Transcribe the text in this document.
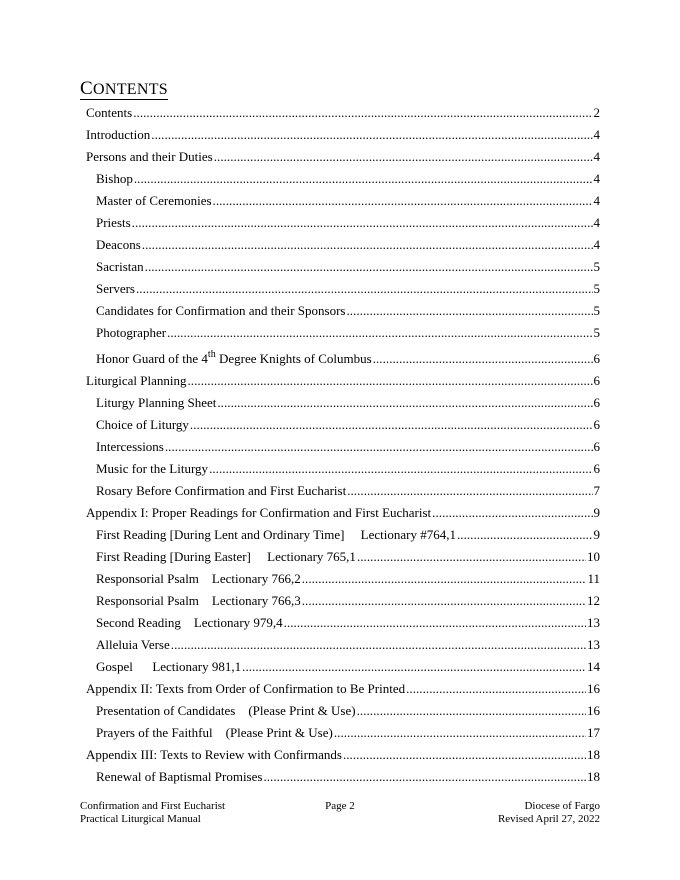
CONTENTS
Contents . . .	2
Introduction . . .	4
Persons and their Duties . . .	4
Bishop . . .	4
Master of Ceremonies . . .	4
Priests . . .	4
Deacons . . .	4
Sacristan . . .	5
Servers . . .	5
Candidates for Confirmation and their Sponsors . . .	5
Photographer . . .	5
Honor Guard of the 4th Degree Knights of Columbus . . .	6
Liturgical Planning . . .	6
Liturgy Planning Sheet . . .	6
Choice of Liturgy . . .	6
Intercessions . . .	6
Music for the Liturgy . . .	6
Rosary Before Confirmation and First Eucharist . . .	7
Appendix I: Proper Readings for Confirmation and First Eucharist . . .	9
First Reading [During Lent and Ordinary Time]     Lectionary #764,1 . . .	9
First Reading [During Easter]     Lectionary 765,1 . . .	10
Responsorial Psalm    Lectionary 766,2 . . .	11
Responsorial Psalm    Lectionary 766,3 . . .	12
Second Reading    Lectionary 979,4 . . .	13
Alleluia Verse . . .	13
Gospel      Lectionary 981,1 . . .	14
Appendix II: Texts from Order of Confirmation to Be Printed . . .	16
Presentation of Candidates    (Please Print & Use) . . .	16
Prayers of the Faithful    (Please Print & Use) . . .	17
Appendix III: Texts to Review with Confirmands . . .	18
Renewal of Baptismal Promises . . .	18
Confirmation and First Eucharist
Practical Liturgical Manual
Page 2	Diocese of Fargo
Revised April 27, 2022
